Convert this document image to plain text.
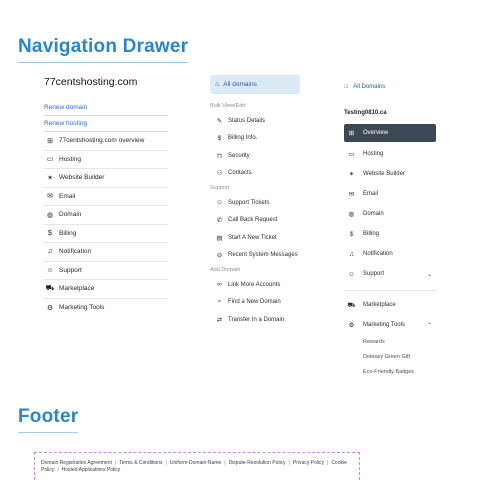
Navigation Drawer
77centshosting.com
Renew domain
Renew hosting
⊞ 77centshosting.com overview
▭ Hosting
✶ Website Builder
✉ Email
◍ Domain
$	Billing
♫ Notification
☺ Support
⛟ Marketplace
⚙ Marketing Tools
⌂ All domains
Bulk View/Edit
✎ Status Details
$	Billing Info.
⊓ Security
⚇ Contacts
Support
☺ Support Tickets
✆ Call Back Request
▤ Start A New Ticket
⊖ Recent System Messages
Add Domain
∞	Link More Accounts
⌕	Find a New Domain
⇄ Transfer In a Domain
⌂ All Domains
Testing0810.ca
⊞	Overview
▭	Hosting
✶	Website Builder
✉	Email
◍	Domain
$	Billing
♫	Notification
☺	Support	⌄
⛟ Marketplace
⚙	Marketing Tools	⌃
Rewards
Doteasy Green Gift
Eco-Friendly Badges
Footer
Domain Registration Agreement | Terms & Conditions | Uniform-Domain-Name | Dispute-Resolution Policy | Privacy Policy | Cookie Policy | Hosted Applications Policy
